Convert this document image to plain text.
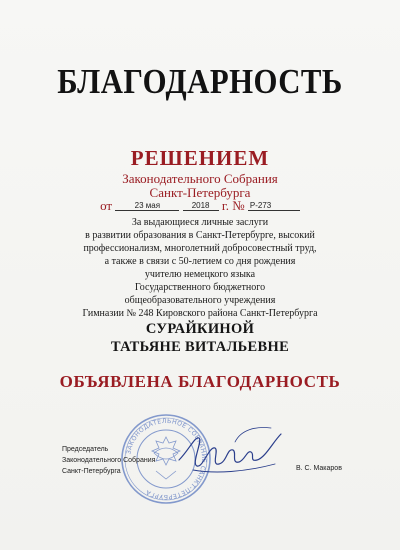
БЛАГОДАРНОСТЬ
РЕШЕНИЕМ
Законодательного Собрания
Санкт-Петербурга
от	23 мая	2018 г. № Р-273
За выдающиеся личные заслуги
в развитии образования в Санкт-Петербурге, высокий
профессионализм, многолетний добросовестный труд,
а также в связи с 50-летием со дня рождения
учителю немецкого языка
Государственного бюджетного
общеобразовательного учреждения
Гимназии № 248 Кировского района Санкт-Петербурга
СУРАЙКИНОЙ
ТАТЬЯНЕ ВИТАЛЬЕВНЕ
ОБЪЯВЛЕНА БЛАГОДАРНОСТЬ
ЗАКОНОДАТЕЛЬНОЕ СОБРАНИЕ САНКТ-ПЕТЕРБУРГА
Председатель
Законодательного Собрания
Санкт-Петербурга	В. С. Макаров
